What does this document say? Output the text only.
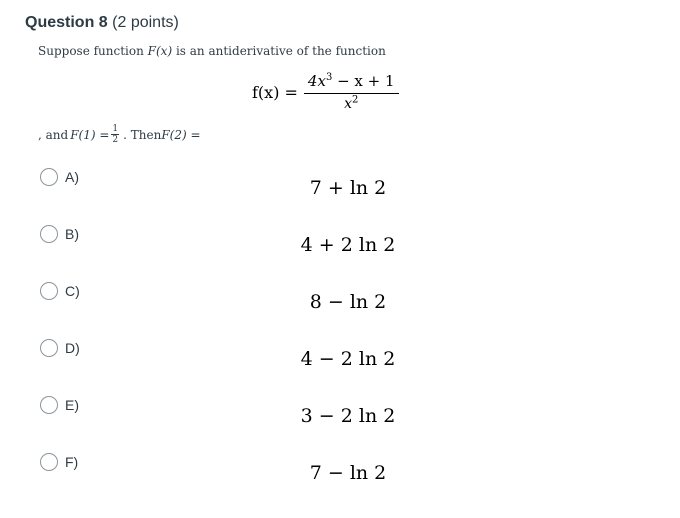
Question 8 (2 points)
Suppose function F(x) is an antiderivative of the function
$f(x) = \frac{4x^3 - x + 1}{x^2}$
, and $F(1) = \frac{1}{2}$ . Then F(2) =
A)	7 + ln 2
B)	4 + 2 ln 2
C)	8 − ln 2
D)	4 − 2 ln 2
E)	3 − 2 ln 2
F)	7 − ln 2
